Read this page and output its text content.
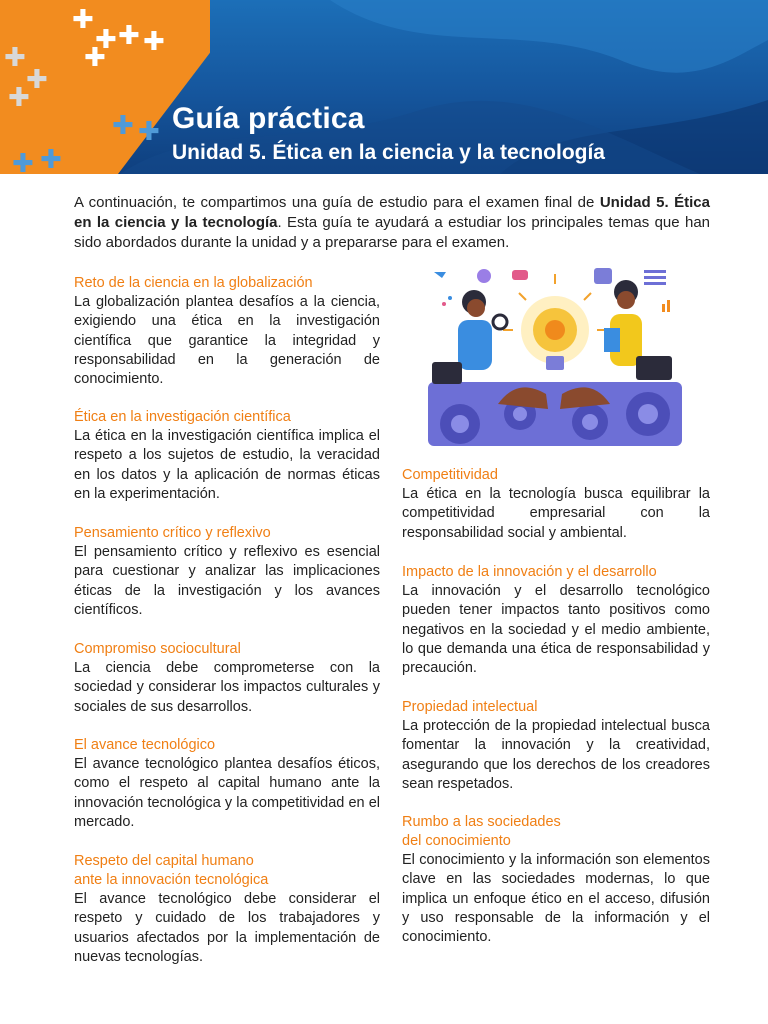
✚
✚ ✚ ✚
✚
✚
✚
✚
✚ ✚
✚
✚
Guía práctica
Unidad 5. Ética en la ciencia y la tecnología

A continuación, te compartimos una guía de estudio para el examen final de Unidad 5. Ética en la ciencia y la tecnología. Esta guía te ayudará a estudiar los principales temas que han sido abordados durante la unidad y a prepararse para el examen.

Reto de la ciencia en la globalización

La globalización plantea desafíos a la ciencia, exigiendo una ética en la investigación científica que garantice la integridad y responsabilidad en la generación de conocimiento.

Ética en la investigación científica

La ética en la investigación científica implica el respeto a los sujetos de estudio, la veracidad en los datos y la aplicación de normas éticas en la experimentación.

Pensamiento crítico y reflexivo

El pensamiento crítico y reflexivo es esencial para cuestionar y analizar las implicaciones éticas de la investigación y los avances científicos.

Compromiso sociocultural

La ciencia debe comprometerse con la sociedad y considerar los impactos culturales y sociales de sus desarrollos.

El avance tecnológico

El avance tecnológico plantea desafíos éticos, como el respeto al capital humano ante la innovación tecnológica y la competitividad en el mercado.

Respeto del capital humano
ante la innovación tecnológica

El avance tecnológico debe considerar el respeto y cuidado de los trabajadores y usuarios afectados por la implementación de nuevas tecnologías.

Competitividad

La ética en la tecnología busca equilibrar la competitividad empresarial con la responsabilidad social y ambiental.

Impacto de la innovación y el desarrollo

La innovación y el desarrollo tecnológico pueden tener impactos tanto positivos como negativos en la sociedad y el medio ambiente, lo que demanda una ética de responsabilidad y precaución.

Propiedad intelectual

La protección de la propiedad intelectual busca fomentar la innovación y la creatividad, asegurando que los derechos de los creadores sean respetados.

Rumbo a las sociedades
del conocimiento

El conocimiento y la información son elementos clave en las sociedades modernas, lo que implica un enfoque ético en el acceso, difusión y uso responsable de la información y el conocimiento.
